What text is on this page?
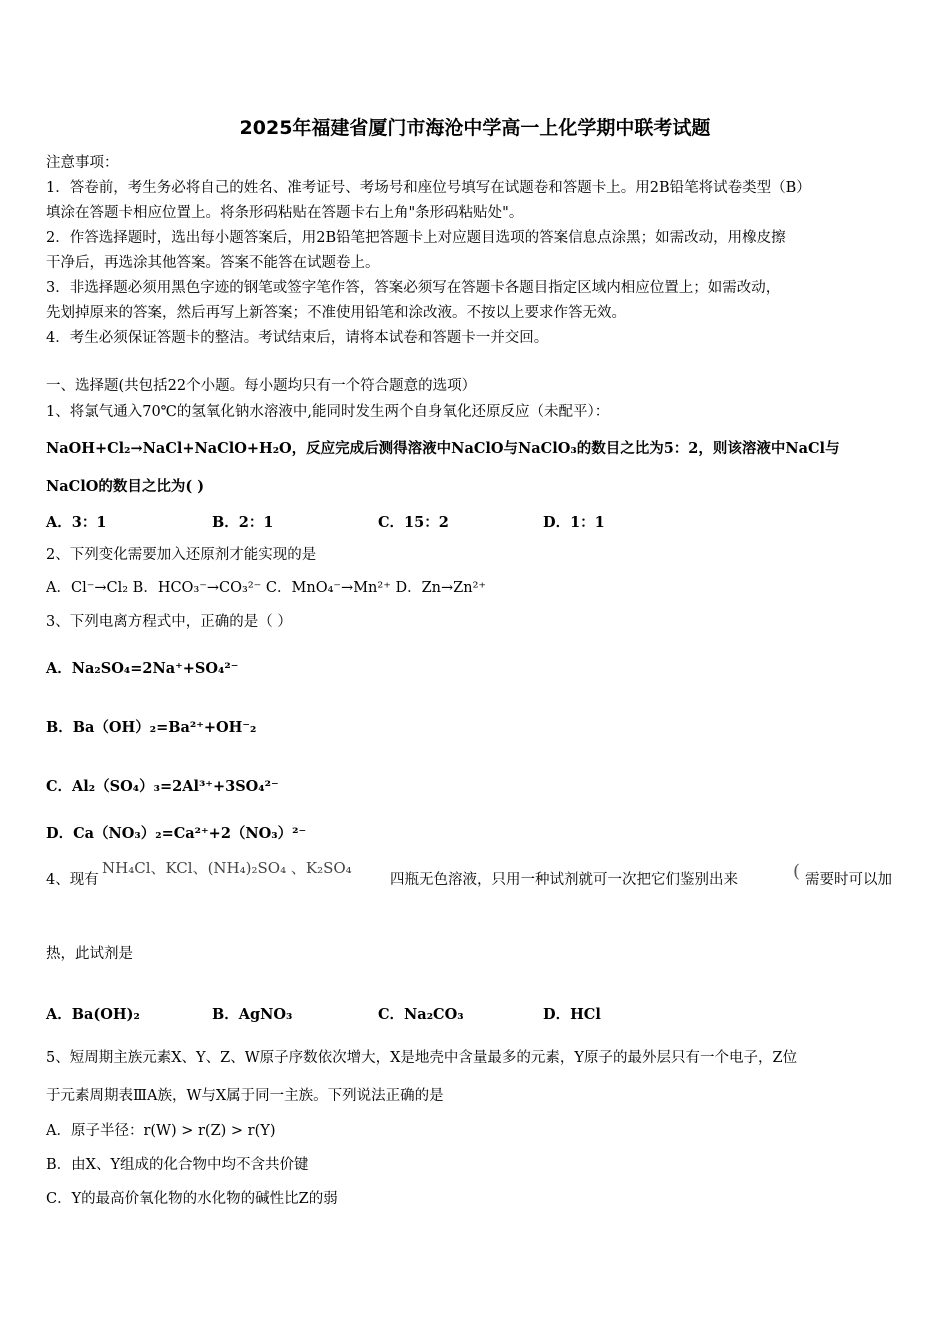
2025年福建省厦门市海沧中学高一上化学期中联考试题
注意事项：
1．答卷前，考生务必将自己的姓名、准考证号、考场号和座位号填写在试题卷和答题卡上。用2B铅笔将试卷类型（B）
填涂在答题卡相应位置上。将条形码粘贴在答题卡右上角"条形码粘贴处"。
2．作答选择题时，选出每小题答案后，用2B铅笔把答题卡上对应题目选项的答案信息点涂黑；如需改动，用橡皮擦
干净后，再选涂其他答案。答案不能答在试题卷上。
3．非选择题必须用黑色字迹的钢笔或签字笔作答，答案必须写在答题卡各题目指定区域内相应位置上；如需改动，
先划掉原来的答案，然后再写上新答案；不准使用铅笔和涂改液。不按以上要求作答无效。
4．考生必须保证答题卡的整洁。考试结束后，请将本试卷和答题卡一并交回。
一、选择题(共包括22个小题。每小题均只有一个符合题意的选项）
1、将氯气通入70℃的氢氧化钠水溶液中,能同时发生两个自身氧化还原反应（未配平）：
NaOH+Cl₂→NaCl+NaClO+H₂O，反应完成后测得溶液中NaClO与NaClO₃的数目之比为5：2，则该溶液中NaCl与
NaClO的数目之比为( )
A．3：1	B．2：1	C．15：2	D．1：1
2、下列变化需要加入还原剂才能实现的是
A．Cl⁻→Cl₂ B．HCO₃⁻→CO₃²⁻ C．MnO₄⁻→Mn²⁺ D．Zn→Zn²⁺
3、下列电离方程式中，正确的是（ ）
A．Na₂SO₄=2Na⁺+SO₄²⁻
B．Ba（OH）₂=Ba²⁺+OH⁻₂
C．Al₂（SO₄）₃=2Al³⁺+3SO₄²⁻
D．Ca（NO₃）₂=Ca²⁺+2（NO₃）²⁻
4、现有
NH₄Cl、KCl、(NH₄)₂SO₄ 、K₂SO₄
四瓶无色溶液，只用一种试剂就可一次把它们鉴别出来	( 需要时可以加
热，此试剂是
A．Ba(OH)₂	B．AgNO₃	C．Na₂CO₃	D．HCl
5、短周期主族元素X、Y、Z、W原子序数依次增大，X是地壳中含量最多的元素，Y原子的最外层只有一个电子，Z位
于元素周期表ⅢA族，W与X属于同一主族。下列说法正确的是
A．原子半径：r(W) > r(Z) > r(Y)
B．由X、Y组成的化合物中均不含共价键
C．Y的最高价氧化物的水化物的碱性比Z的弱
